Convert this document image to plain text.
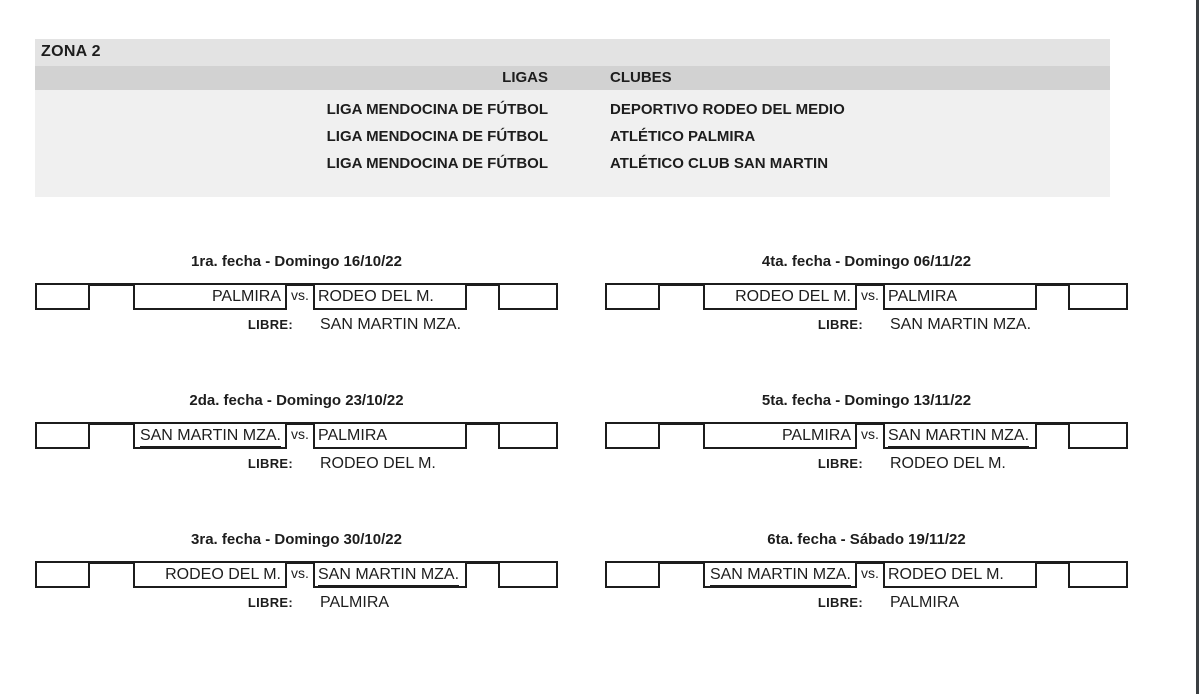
ZONA 2
LIGAS	CLUBES
LIGA MENDOCINA DE FÚTBOL	DEPORTIVO RODEO DEL MEDIO
LIGA MENDOCINA DE FÚTBOL	ATLÉTICO PALMIRA
LIGA MENDOCINA DE FÚTBOL	ATLÉTICO CLUB SAN MARTIN
1ra. fecha - Domingo 16/10/22
PALMIRA vs. RODEO DEL M.
LIBRE: SAN MARTIN MZA.
4ta. fecha - Domingo 06/11/22
RODEO DEL M. vs. PALMIRA
LIBRE: SAN MARTIN MZA.
2da. fecha - Domingo 23/10/22
SAN MARTIN MZA. vs. PALMIRA
LIBRE: RODEO DEL M.
5ta. fecha - Domingo 13/11/22
PALMIRA vs. SAN MARTIN MZA.
LIBRE: RODEO DEL M.
3ra. fecha - Domingo 30/10/22
RODEO DEL M. vs. SAN MARTIN MZA.
LIBRE: PALMIRA
6ta. fecha - Sábado 19/11/22
SAN MARTIN MZA. vs. RODEO DEL M.
LIBRE: PALMIRA
